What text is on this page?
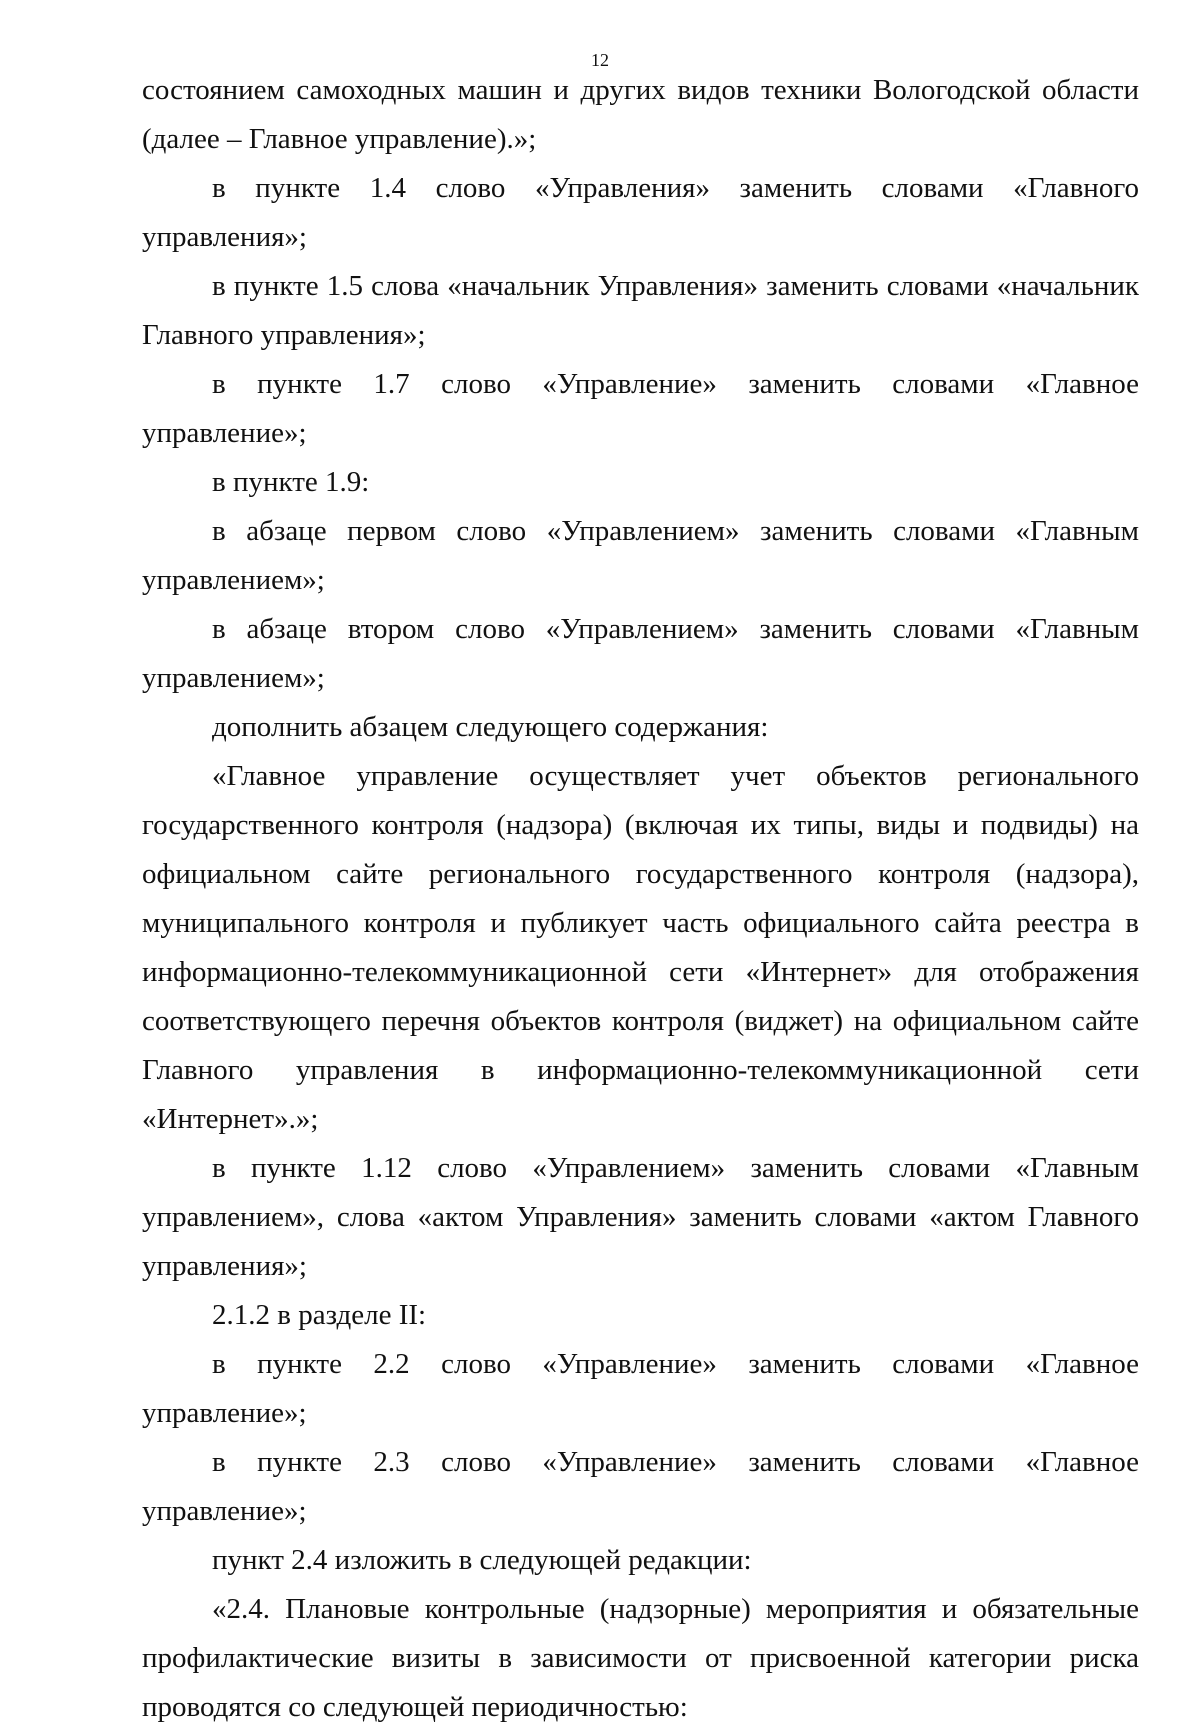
12

состоянием самоходных машин и других видов техники Вологодской области (далее – Главное управление).»;

в пункте 1.4 слово «Управления» заменить словами «Главного управления»;

в пункте 1.5 слова «начальник Управления» заменить словами «начальник Главного управления»;

в пункте 1.7 слово «Управление» заменить словами «Главное управление»;

в пункте 1.9:

в абзаце первом слово «Управлением» заменить словами «Главным управлением»;

в абзаце втором слово «Управлением» заменить словами «Главным управлением»;

дополнить абзацем следующего содержания:

«Главное управление осуществляет учет объектов регионального государственного контроля (надзора) (включая их типы, виды и подвиды) на официальном сайте регионального государственного контроля (надзора), муниципального контроля и публикует часть официального сайта реестра в информационно-телекоммуникационной сети «Интернет» для отображения соответствующего перечня объектов контроля (виджет) на официальном сайте Главного управления в информационно-телекоммуникационной сети «Интернет».»;

в пункте 1.12 слово «Управлением» заменить словами «Главным управлением», слова «актом Управления» заменить словами «актом Главного управления»;

2.1.2 в разделе II:

в пункте 2.2 слово «Управление» заменить словами «Главное управление»;

в пункте 2.3 слово «Управление» заменить словами «Главное управление»;

пункт 2.4 изложить в следующей редакции:

«2.4. Плановые контрольные (надзорные) мероприятия и обязательные профилактические визиты в зависимости от присвоенной категории риска проводятся со следующей периодичностью:
